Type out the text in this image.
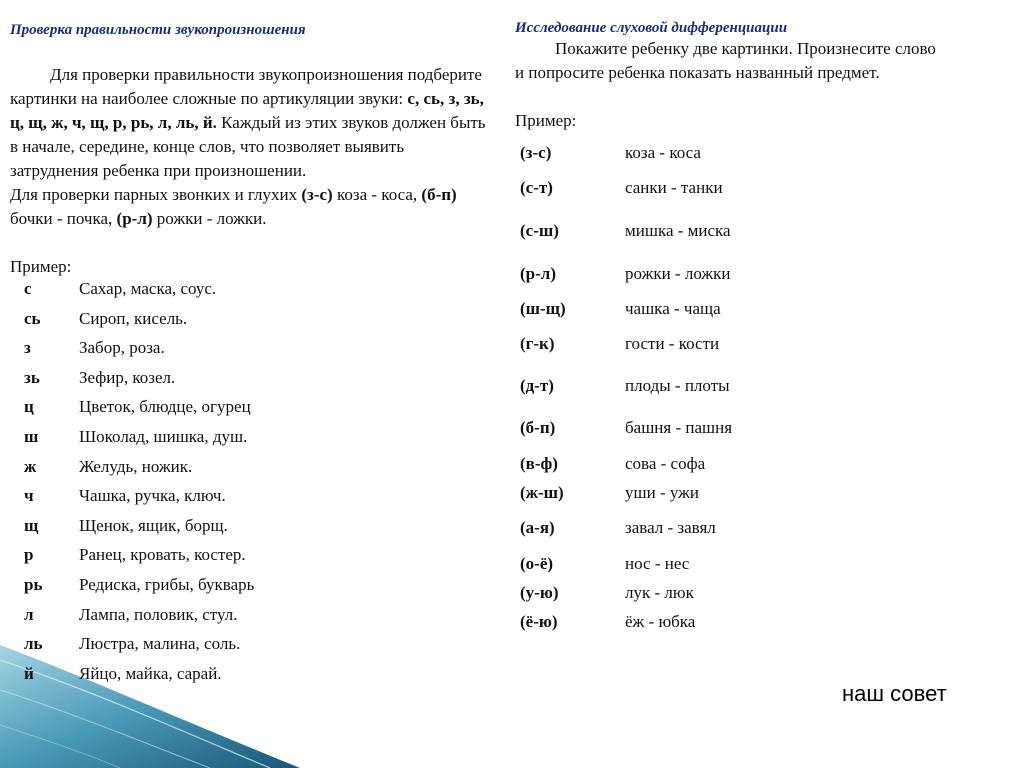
Проверка правильности звукопроизношения

Для проверки правильности звукопроизношения подберите картинки на наиболее сложные по артикуляции звуки: с, сь, з, зь, ц, щ, ж, ч, щ, р, рь, л, ль, й. Каждый из этих звуков должен быть в начале, середине, конце слов, что позволяет выявить затруднения ребенка при произношении.

Для проверки парных звонких и глухих (з-с) коза - коса, (б-п) бочки - почка, (р-л) рожки - ложки.

Пример:

с	Сахар, маска, соус.
сь	Сироп, кисель.
з	Забор, роза.
зь	Зефир, козел.
ц	Цветок, блюдце, огурец
ш	Шоколад, шишка, душ.
ж	Желудь, ножик.
ч	Чашка, ручка, ключ.
щ	Щенок, ящик, борщ.
р	Ранец, кровать, костер.
рь	Редиска, грибы, букварь
л	Лампа, половик, стул.
ль	Люстра, малина, соль.
й	Яйцо, майка, сарай.

Исследование слуховой дифференциации

Покажите ребенку две картинки. Произнесите слово и попросите ребенка показать названный предмет.

Пример:

(з-с)	коза - коса
(с-т)	санки - танки
(с-ш)	мишка - миска
(р-л)	рожки - ложки
(ш-щ)	чашка - чаща
(г-к)	гости - кости
(д-т)	плоды - плоты
(б-п)	башня - пашня
(в-ф)	сова - софа
(ж-ш)	уши - ужи
(а-я)	завал - завял
(о-ё)	нос - нес
(у-ю)	лук - люк
(ё-ю)	ёж - юбка
наш совет
